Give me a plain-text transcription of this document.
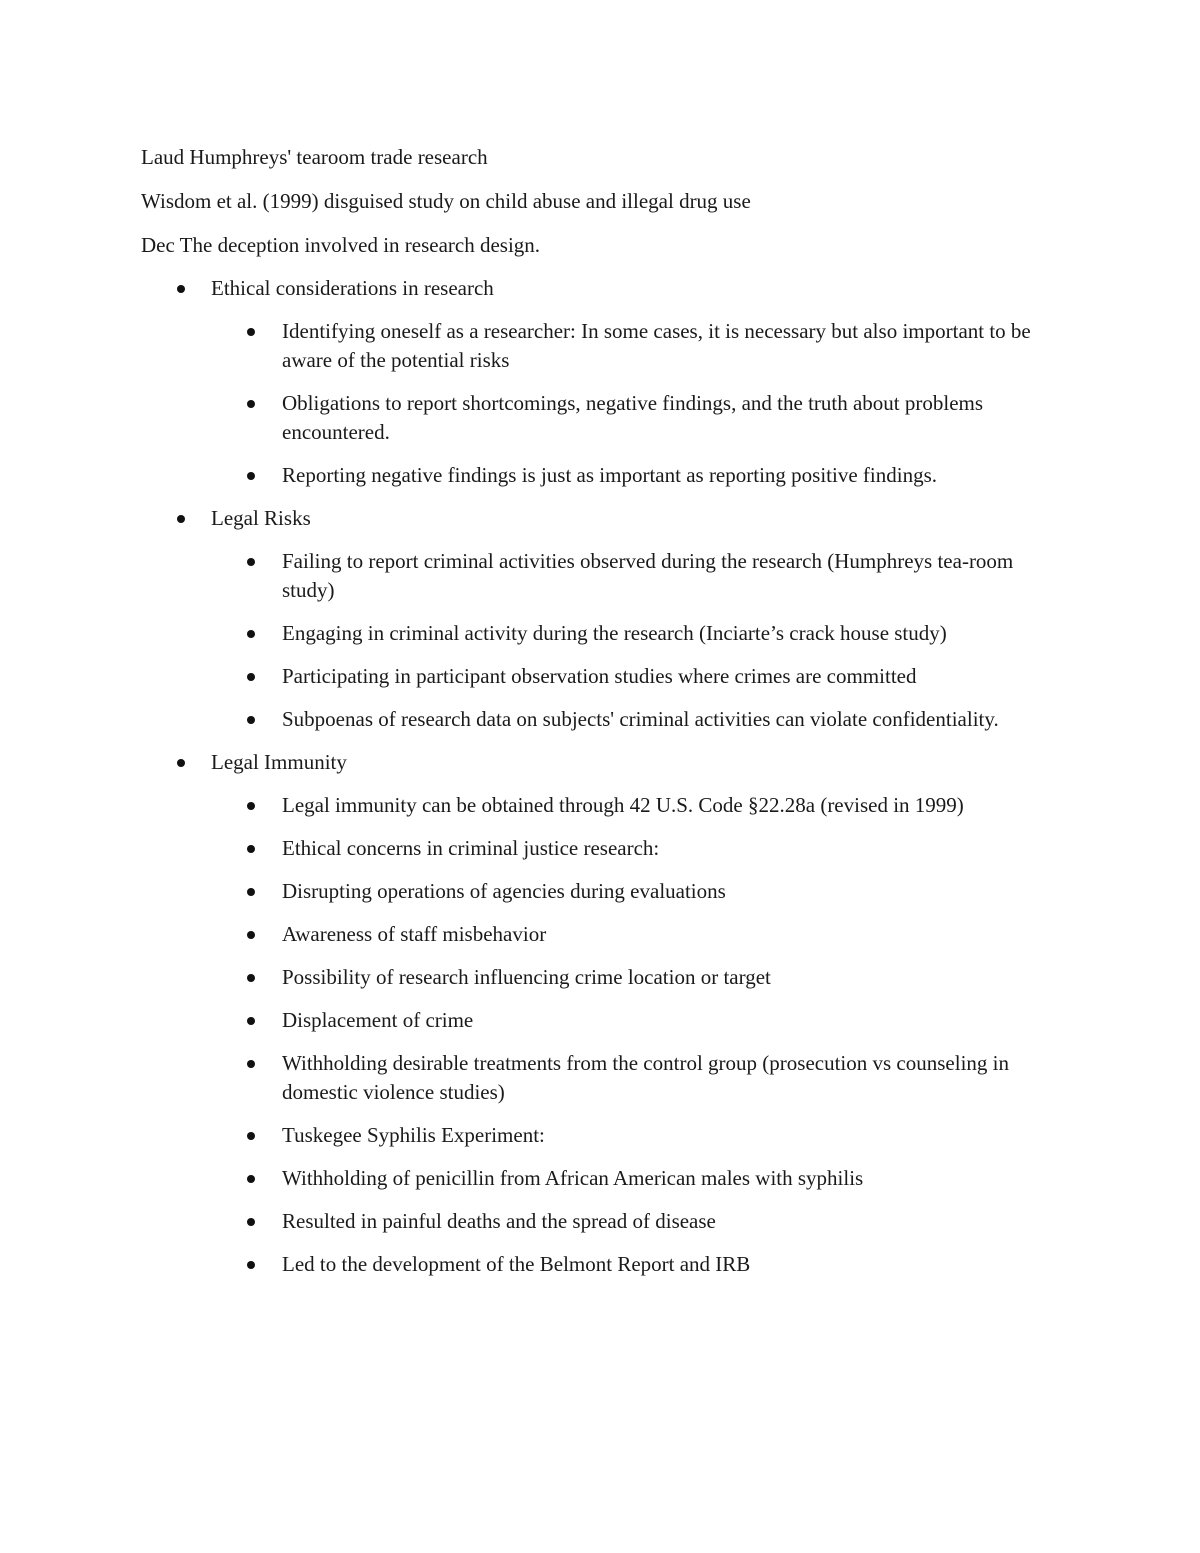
Laud Humphreys' tearoom trade research

Wisdom et al. (1999) disguised study on child abuse and illegal drug use

Dec The deception involved in research design.

Ethical considerations in research
Identifying oneself as a researcher: In some cases, it is necessary but also important to be aware of the potential risks
Obligations to report shortcomings, negative findings, and the truth about problems encountered.
Reporting negative findings is just as important as reporting positive findings.
Legal Risks
Failing to report criminal activities observed during the research (Humphreys tea-room study)
Engaging in criminal activity during the research (Inciarte’s crack house study)
Participating in participant observation studies where crimes are committed
Subpoenas of research data on subjects' criminal activities can violate confidentiality.
Legal Immunity
Legal immunity can be obtained through 42 U.S. Code §22.28a (revised in 1999)
Ethical concerns in criminal justice research:
Disrupting operations of agencies during evaluations
Awareness of staff misbehavior
Possibility of research influencing crime location or target
Displacement of crime
Withholding desirable treatments from the control group (prosecution vs counseling in domestic violence studies)
Tuskegee Syphilis Experiment:
Withholding of penicillin from African American males with syphilis
Resulted in painful deaths and the spread of disease
Led to the development of the Belmont Report and IRB
